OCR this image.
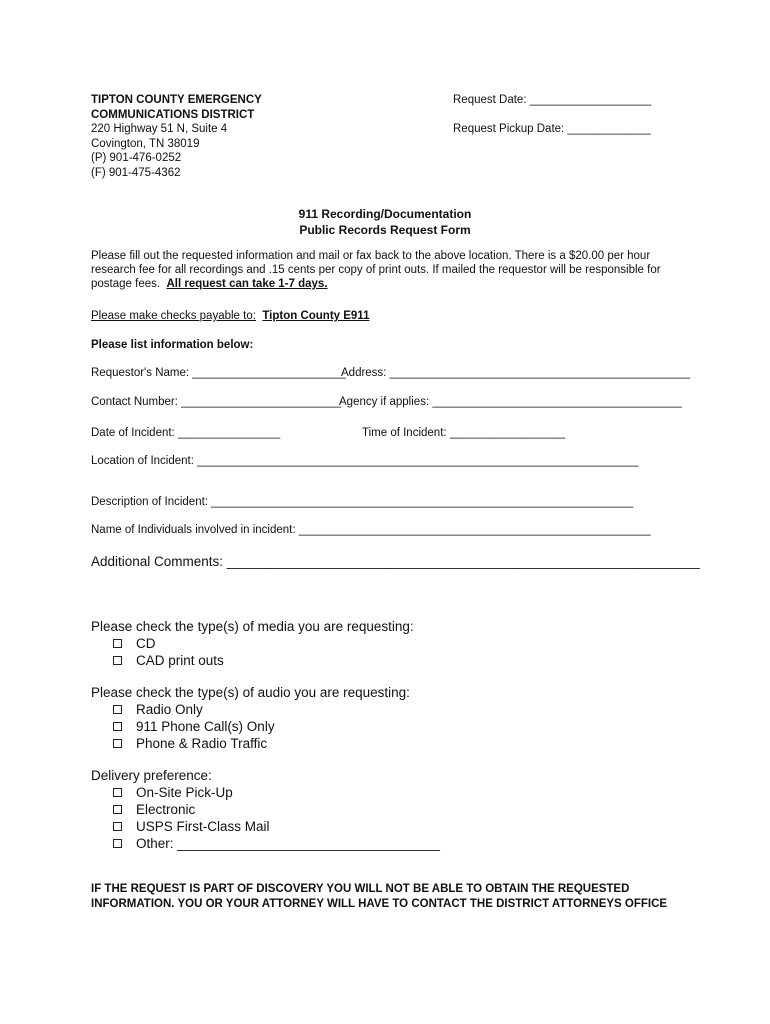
TIPTON COUNTY EMERGENCY
COMMUNICATIONS DISTRICT
220 Highway 51 N, Suite 4
Covington, TN 38019
(P) 901-476-0252
(F) 901-475-4362
Request Date: ___________________
Request Pickup Date: _____________
911 Recording/Documentation
Public Records Request Form
Please fill out the requested information and mail or fax back to the above location. There is a $20.00 per hour
research fee for all recordings and .15 cents per copy of print outs. If mailed the requestor will be responsible for
postage fees.  All request can take 1-7 days.
Please make checks payable to: Tipton County E911
Please list information below:
Requestor's Name: ________________________
Address: _______________________________________________
Contact Number: _________________________
Agency if applies: _______________________________________
Date of Incident: ________________	Time of Incident: __________________
Location of Incident: _____________________________________________________________________
Description of Incident: __________________________________________________________________
Name of Individuals involved in incident: _______________________________________________________
Additional Comments: _______________________________________________________________
Please check the type(s) of media you are requesting:
CD
CAD print outs
Please check the type(s) of audio you are requesting:
Radio Only
911 Phone Call(s) Only
Phone & Radio Traffic
Delivery preference:
On-Site Pick-Up
Electronic
USPS First-Class Mail
Other: ___________________________________
IF THE REQUEST IS PART OF DISCOVERY YOU WILL NOT BE ABLE TO OBTAIN THE REQUESTED
INFORMATION. YOU OR YOUR ATTORNEY WILL HAVE TO CONTACT THE DISTRICT ATTORNEYS OFFICE
